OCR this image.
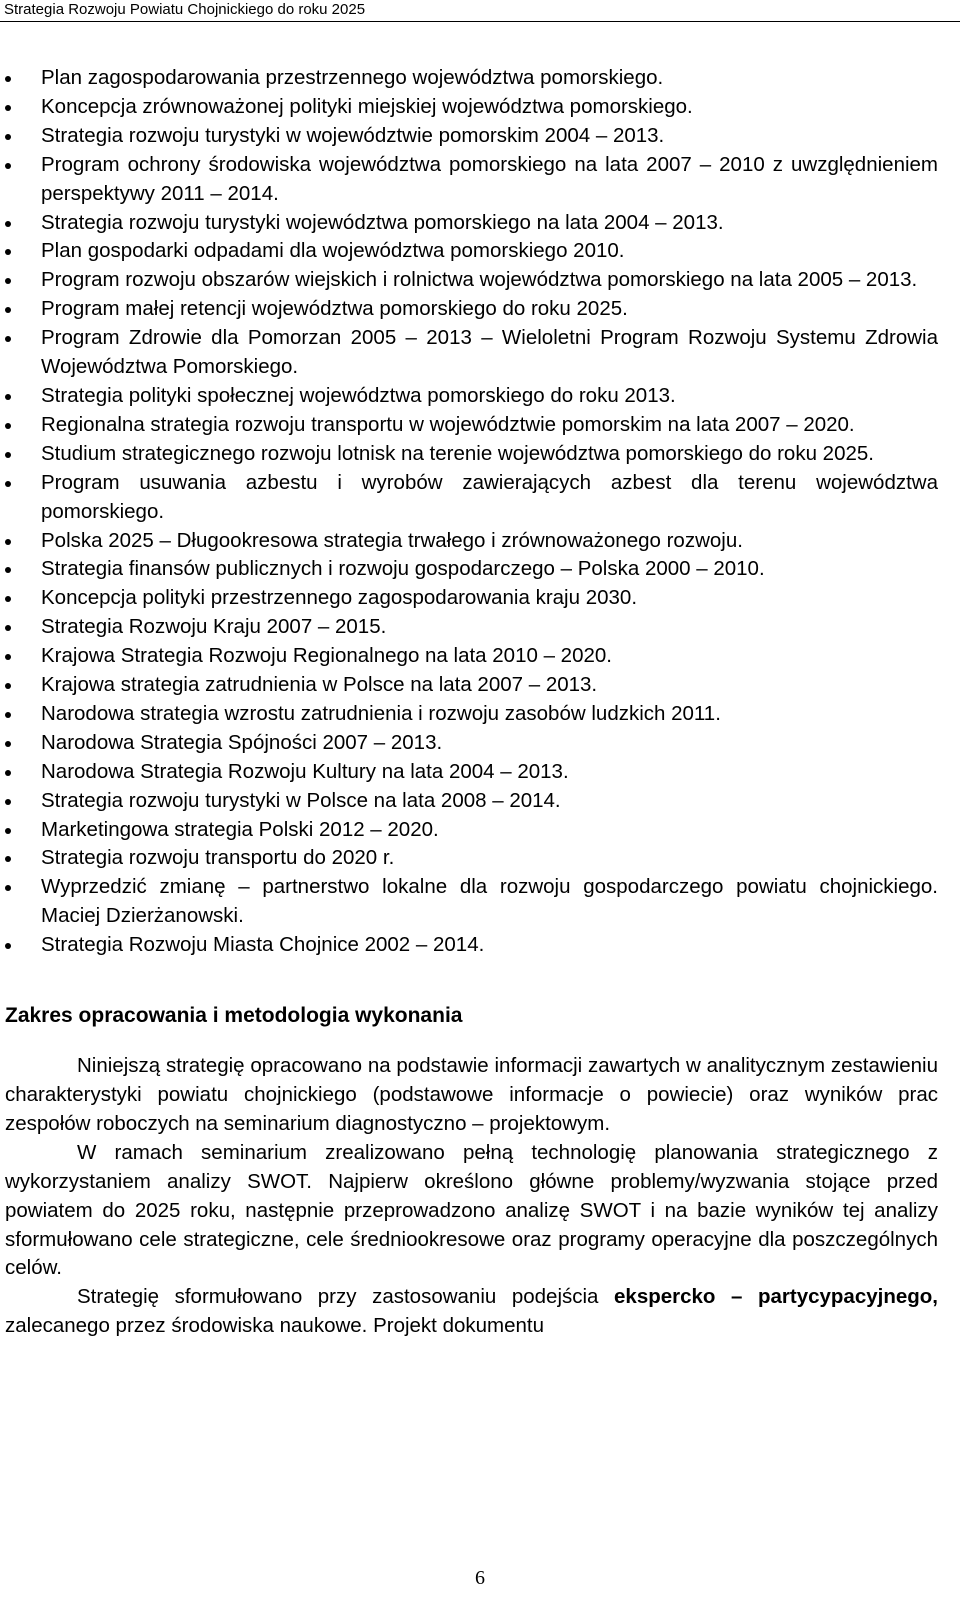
Strategia Rozwoju Powiatu Chojnickiego do roku 2025
Plan zagospodarowania przestrzennego województwa pomorskiego.
Koncepcja zrównoważonej polityki miejskiej województwa pomorskiego.
Strategia rozwoju turystyki w województwie pomorskim 2004 – 2013.
Program ochrony środowiska województwa pomorskiego na lata 2007 – 2010 z uwzględnieniem perspektywy 2011 – 2014.
Strategia rozwoju turystyki województwa pomorskiego na lata 2004 – 2013.
Plan gospodarki odpadami dla województwa pomorskiego 2010.
Program rozwoju obszarów wiejskich i rolnictwa województwa pomorskiego na lata 2005 – 2013.
Program małej retencji województwa pomorskiego do roku 2025.
Program Zdrowie dla Pomorzan 2005 – 2013 – Wieloletni Program Rozwoju Systemu Zdrowia Województwa Pomorskiego.
Strategia polityki społecznej województwa pomorskiego do roku 2013.
Regionalna strategia rozwoju transportu w województwie pomorskim na lata 2007 – 2020.
Studium strategicznego rozwoju lotnisk na terenie województwa pomorskiego do roku 2025.
Program usuwania azbestu i wyrobów zawierających azbest dla terenu województwa pomorskiego.
Polska 2025 – Długookresowa strategia trwałego i zrównoważonego rozwoju.
Strategia finansów publicznych i rozwoju gospodarczego – Polska 2000 – 2010.
Koncepcja polityki przestrzennego zagospodarowania kraju 2030.
Strategia Rozwoju Kraju 2007 – 2015.
Krajowa Strategia Rozwoju Regionalnego na lata 2010 – 2020.
Krajowa strategia zatrudnienia w Polsce na lata 2007 – 2013.
Narodowa strategia wzrostu zatrudnienia i rozwoju zasobów ludzkich 2011.
Narodowa Strategia Spójności 2007 – 2013.
Narodowa Strategia Rozwoju Kultury na lata 2004 – 2013.
Strategia rozwoju turystyki w Polsce na lata 2008 – 2014.
Marketingowa strategia Polski 2012 – 2020.
Strategia rozwoju transportu do 2020 r.
Wyprzedzić zmianę – partnerstwo lokalne dla rozwoju gospodarczego powiatu chojnickiego. Maciej Dzierżanowski.
Strategia Rozwoju Miasta Chojnice 2002 – 2014.
Zakres opracowania i metodologia wykonania

Niniejszą strategię opracowano na podstawie informacji zawartych w analitycznym zestawieniu charakterystyki powiatu chojnickiego (podstawowe informacje o powiecie) oraz wyników prac zespołów roboczych na seminarium diagnostyczno – projektowym.

W ramach seminarium zrealizowano pełną technologię planowania strategicznego z wykorzystaniem analizy SWOT. Najpierw określono główne problemy/wyzwania stojące przed powiatem do 2025 roku, następnie przeprowadzono analizę SWOT i na bazie wyników tej analizy sformułowano cele strategiczne, cele średniookresowe oraz programy operacyjne dla poszczególnych celów.

Strategię sformułowano przy zastosowaniu podejścia ekspercko – partycypacyjnego, zalecanego przez środowiska naukowe. Projekt dokumentu

6
